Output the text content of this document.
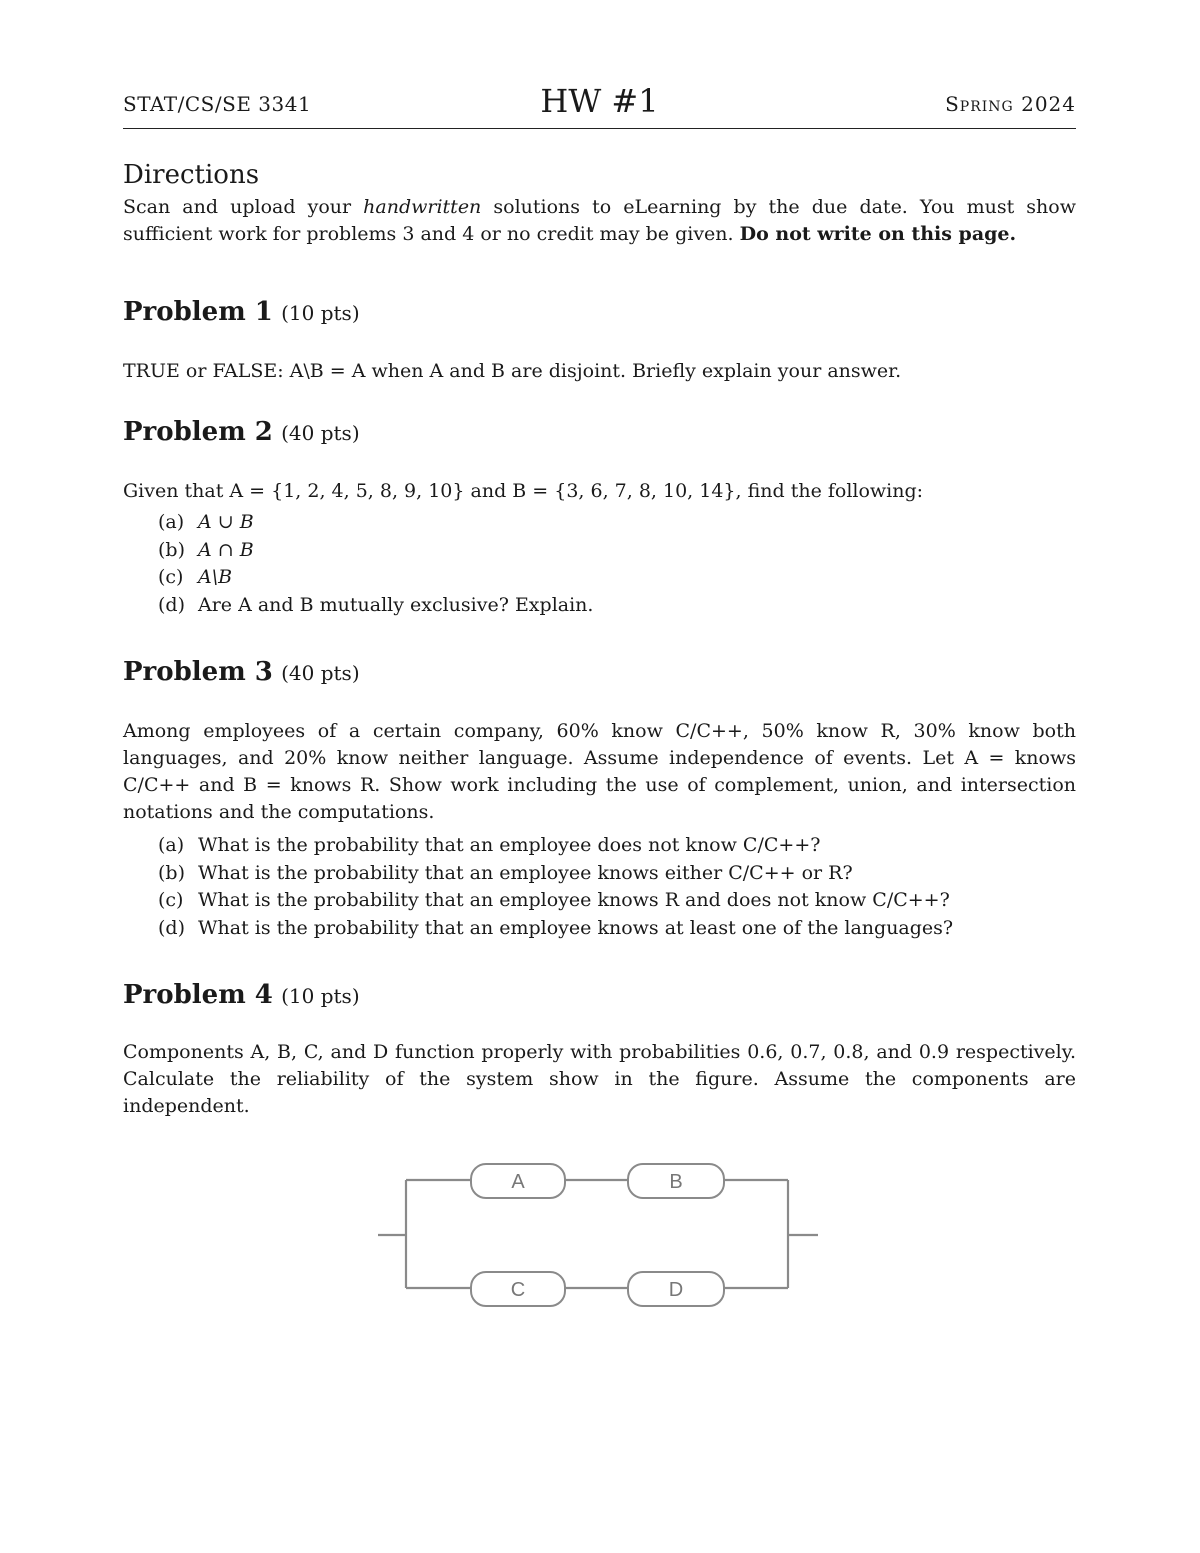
STAT/CS/SE 3341	HW #1	Spring 2024
Directions
Scan and upload your handwritten solutions to eLearning by the due date. You must show sufficient work for problems 3 and 4 or no credit may be given. Do not write on this page.
Problem 1 (10 pts)
TRUE or FALSE: A\B = A when A and B are disjoint. Briefly explain your answer.
Problem 2 (40 pts)
Given that A = {1, 2, 4, 5, 8, 9, 10} and B = {3, 6, 7, 8, 10, 14}, find the following:
(a) A ∪ B
(b) A ∩ B
(c) A\B
(d) Are A and B mutually exclusive? Explain.
Problem 3 (40 pts)
Among employees of a certain company, 60% know C/C++, 50% know R, 30% know both languages, and 20% know neither language. Assume independence of events. Let A = knows C/C++ and B = knows R. Show work including the use of complement, union, and intersection notations and the computations.
(a) What is the probability that an employee does not know C/C++?
(b) What is the probability that an employee knows either C/C++ or R?
(c) What is the probability that an employee knows R and does not know C/C++?
(d) What is the probability that an employee knows at least one of the languages?
Problem 4 (10 pts)
Components A, B, C, and D function properly with probabilities 0.6, 0.7, 0.8, and 0.9 respectively. Calculate the reliability of the system show in the figure. Assume the components are independent.
A	B
C	D
